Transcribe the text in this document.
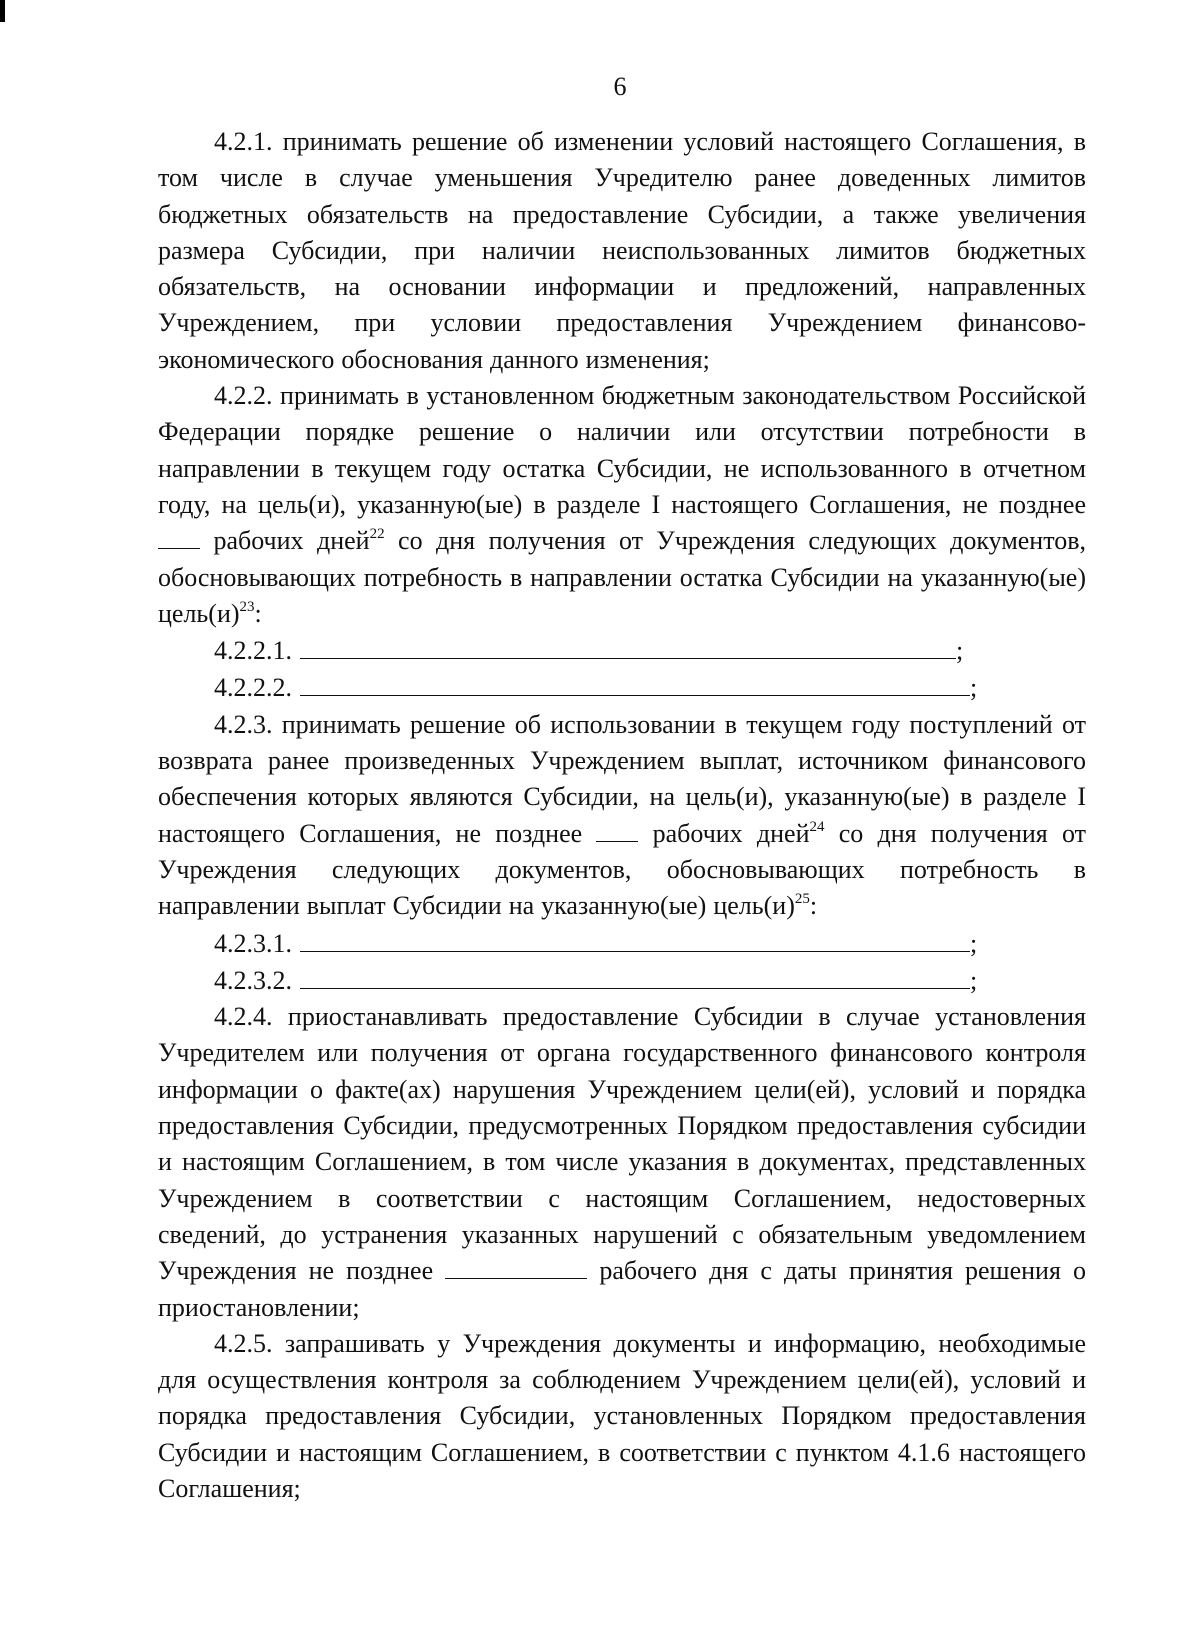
6

4.2.1. принимать решение об изменении условий настоящего Соглашения, в том числе в случае уменьшения Учредителю ранее доведенных лимитов бюджетных обязательств на предоставление Субсидии, а также увеличения размера Субсидии, при наличии неиспользованных лимитов бюджетных обязательств, на основании информации и предложений, направленных Учреждением, при условии предоставления Учреждением финансово-экономического обоснования данного изменения;

4.2.2. принимать в установленном бюджетным законодательством Российской Федерации порядке решение о наличии или отсутствии потребности в направлении в текущем году остатка Субсидии, не использованного в отчетном году, на цель(и), указанную(ые) в разделе I настоящего Соглашения, не позднее  рабочих дней$^{22}$ со дня получения от Учреждения следующих документов, обосновывающих потребность в направлении остатка Субсидии на указанную(ые) $цель(и)^{23}$:

4.2.2.1.	;
4.2.2.2.	;

4.2.3. принимать решение об использовании в текущем году поступлений от возврата ранее произведенных Учреждением выплат, источником финансового обеспечения которых являются Субсидии, на цель(и), указанную(ые) в разделе I настоящего Соглашения, не позднее	рабочих дней$^{24}$ со дня получения от Учреждения следующих документов, обосновывающих потребность в направлении выплат Субсидии на указанную(ые) $цель(и)^{25}$:

4.2.3.1.	;
4.2.3.2.	;

4.2.4. приостанавливать предоставление Субсидии в случае установления Учредителем или получения от органа государственного финансового контроля информации о факте(ах) нарушения Учреждением цели(ей), условий и порядка предоставления Субсидии, предусмотренных Порядком предоставления субсидии и настоящим Соглашением, в том числе указания в документах, представленных Учреждением в соответствии с настоящим Соглашением, недостоверных сведений, до устранения указанных нарушений с обязательным уведомлением Учреждения не позднее	рабочего дня с даты принятия решения о приостановлении;

4.2.5. запрашивать у Учреждения документы и информацию, необходимые для осуществления контроля за соблюдением Учреждением цели(ей), условий и порядка предоставления Субсидии, установленных Порядком предоставления Субсидии и настоящим Соглашением, в соответствии с пунктом 4.1.6 настоящего Соглашения;
